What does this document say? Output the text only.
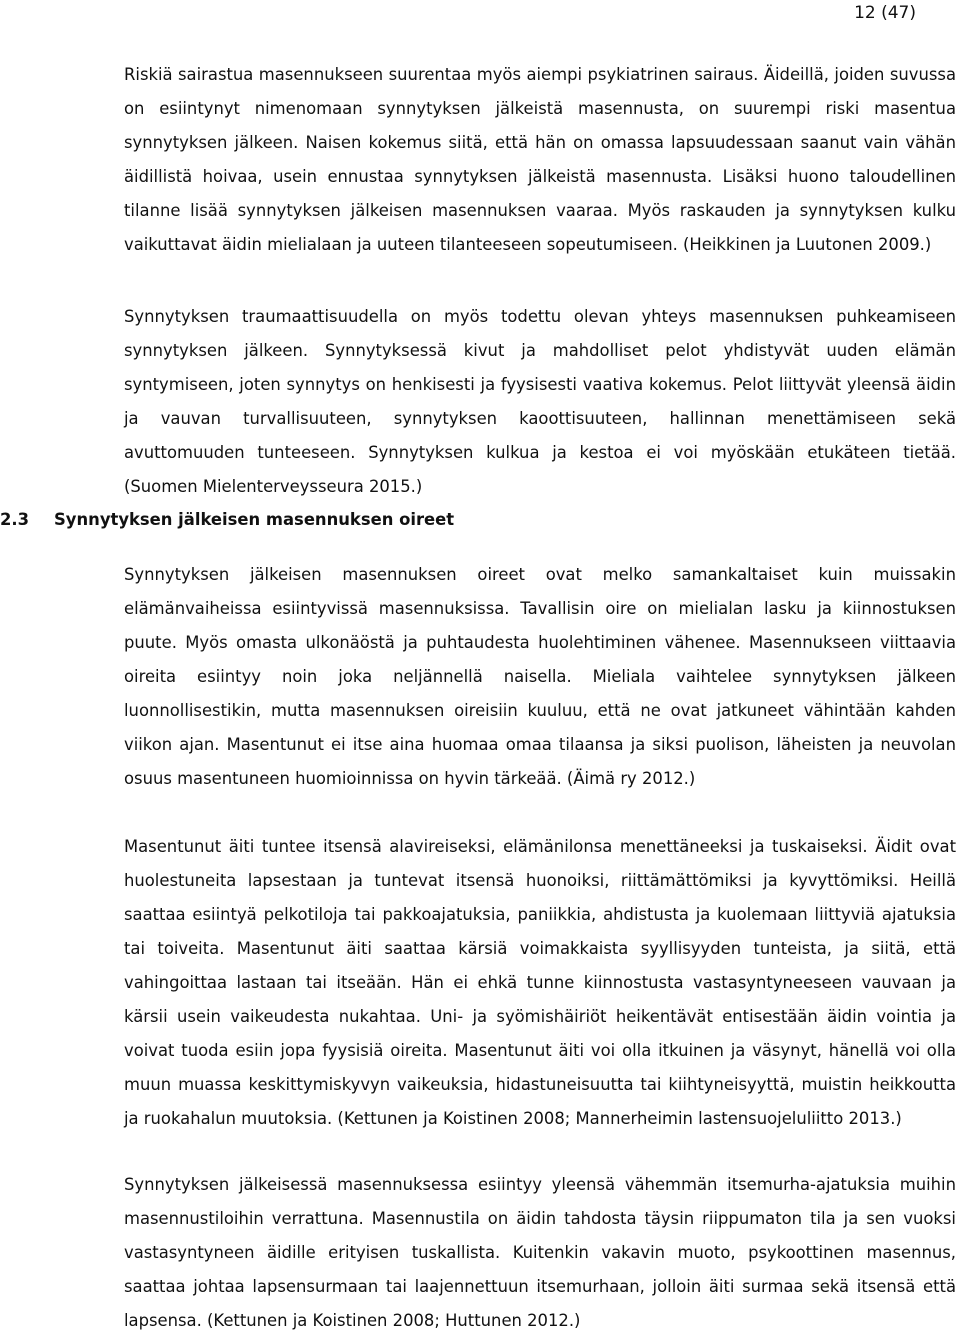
12 (47)

Riskiä sairastua masennukseen suurentaa myös aiempi psykiatrinen sairaus. Äideillä, joiden suvussa on esiintynyt nimenomaan synnytyksen jälkeistä masennusta, on suurempi riski masentua synnytyksen jälkeen. Naisen kokemus siitä, että hän on omassa lapsuudessaan saanut vain vähän äidillistä hoivaa, usein ennustaa synnytyksen jälkeistä masennusta. Lisäksi huono taloudellinen tilanne lisää synnytyksen jälkeisen masennuksen vaaraa. Myös raskauden ja synnytyksen kulku vaikuttavat äidin mielialaan ja uuteen tilanteeseen sopeutumiseen. (Heikkinen ja Luutonen 2009.)

Synnytyksen traumaattisuudella on myös todettu olevan yhteys masennuksen puhkeamiseen synnytyksen jälkeen. Synnytyksessä kivut ja mahdolliset pelot yhdistyvät uuden elämän syntymiseen, joten synnytys on henkisesti ja fyysisesti vaativa kokemus. Pelot liittyvät yleensä äidin ja vauvan turvallisuuteen, synnytyksen kaoottisuuteen, hallinnan menettämiseen sekä avuttomuuden tunteeseen. Synnytyksen kulkua ja kestoa ei voi myöskään etukäteen tietää. (Suomen Mielenterveysseura 2015.)

2.3 Synnytyksen jälkeisen masennuksen oireet

Synnytyksen jälkeisen masennuksen oireet ovat melko samankaltaiset kuin muissakin elämänvaiheissa esiintyvissä masennuksissa. Tavallisin oire on mielialan lasku ja kiinnostuksen puute. Myös omasta ulkonäöstä ja puhtaudesta huolehtiminen vähenee. Masennukseen viittaavia oireita esiintyy noin joka neljännellä naisella. Mieliala vaihtelee synnytyksen jälkeen luonnollisestikin, mutta masennuksen oireisiin kuuluu, että ne ovat jatkuneet vähintään kahden viikon ajan. Masentunut ei itse aina huomaa omaa tilaansa ja siksi puolison, läheisten ja neuvolan osuus masentuneen huomioinnissa on hyvin tärkeää. (Äimä ry 2012.)

Masentunut äiti tuntee itsensä alavireiseksi, elämänilonsa menettäneeksi ja tuskaiseksi. Äidit ovat huolestuneita lapsestaan ja tuntevat itsensä huonoiksi, riittämättömiksi ja kyvyttömiksi. Heillä saattaa esiintyä pelkotiloja tai pakkoajatuksia, paniikkia, ahdistusta ja kuolemaan liittyviä ajatuksia tai toiveita. Masentunut äiti saattaa kärsiä voimakkaista syyllisyyden tunteista, ja siitä, että vahingoittaa lastaan tai itseään. Hän ei ehkä tunne kiinnostusta vastasyntyneeseen vauvaan ja kärsii usein vaikeudesta nukahtaa. Uni- ja syömishäiriöt heikentävät entisestään äidin vointia ja voivat tuoda esiin jopa fyysisiä oireita. Masentunut äiti voi olla itkuinen ja väsynyt, hänellä voi olla muun muassa keskittymiskyvyn vaikeuksia, hidastuneisuutta tai kiihtyneisyyttä, muistin heikkoutta ja ruokahalun muutoksia. (Kettunen ja Koistinen 2008; Mannerheimin lastensuojeluliitto 2013.)

Synnytyksen jälkeisessä masennuksessa esiintyy yleensä vähemmän itsemurha-ajatuksia muihin masennustiloihin verrattuna. Masennustila on äidin tahdosta täysin riippumaton tila ja sen vuoksi vastasyntyneen äidille erityisen tuskallista. Kuitenkin vakavin muoto, psykoottinen masennus, saattaa johtaa lapsensurmaan tai laajennettuun itsemurhaan, jolloin äiti surmaa sekä itsensä että lapsensa. (Kettunen ja Koistinen 2008; Huttunen 2012.)
